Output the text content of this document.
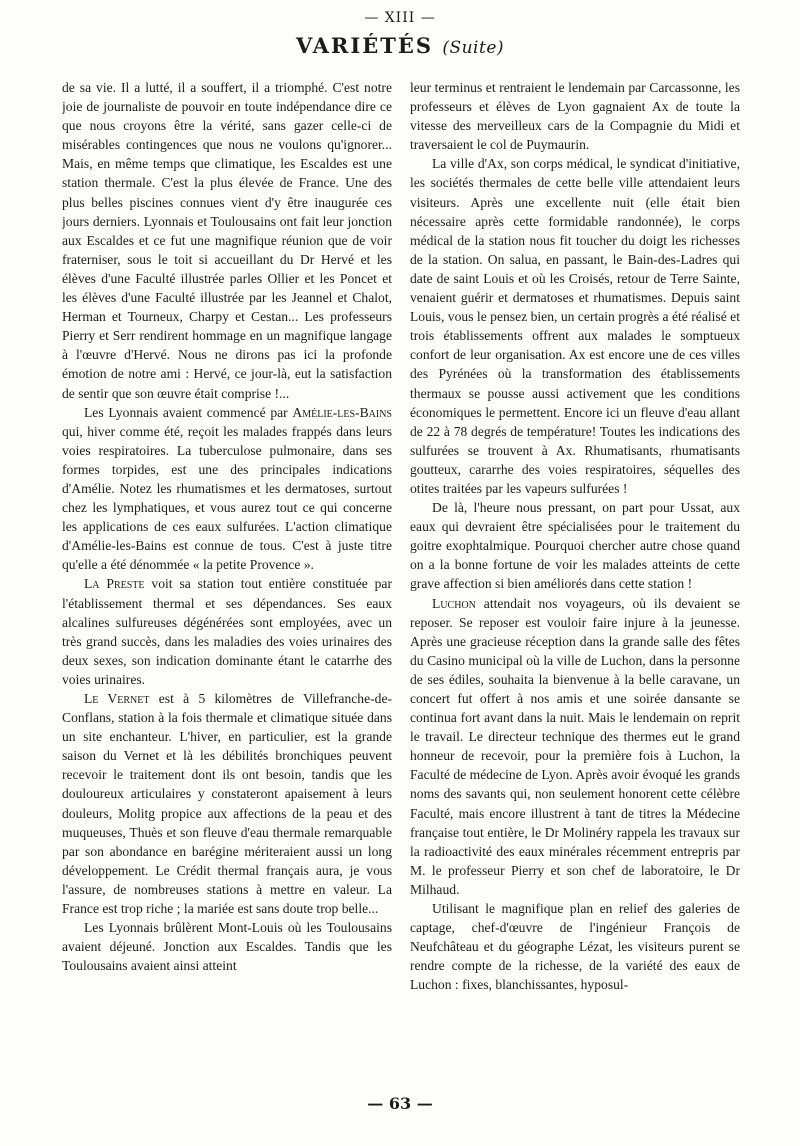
— XIII —
VARIÉTÉS (Suite)

de sa vie. Il a lutté, il a souffert, il a triomphé. C'est notre joie de journaliste de pouvoir en toute indépendance dire ce que nous croyons être la vérité, sans gazer celle-ci de misérables contingences que nous ne voulons qu'ignorer... Mais, en même temps que climatique, les Escaldes est une station thermale. C'est la plus élevée de France. Une des plus belles piscines connues vient d'y être inaugurée ces jours derniers. Lyonnais et Toulousains ont fait leur jonction aux Escaldes et ce fut une magnifique réunion que de voir fraterniser, sous le toit si accueillant du Dr Hervé et les élèves d'une Faculté illustrée parles Ollier et les Poncet et les élèves d'une Faculté illustrée par les Jeannel et Chalot, Herman et Tourneux, Charpy et Cestan... Les professeurs Pierry et Serr rendirent hommage en un magnifique langage à l'œuvre d'Hervé. Nous ne dirons pas ici la profonde émotion de notre ami : Hervé, ce jour-là, eut la satisfaction de sentir que son œuvre était comprise !...

Les Lyonnais avaient commencé par Amélie-les-Bains qui, hiver comme été, reçoit les malades frappés dans leurs voies respiratoires. La tuberculose pulmonaire, dans ses formes torpides, est une des principales indications d'Amélie. Notez les rhumatismes et les dermatoses, surtout chez les lymphatiques, et vous aurez tout ce qui concerne les applications de ces eaux sulfurées. L'action climatique d'Amélie-les-Bains est connue de tous. C'est à juste titre qu'elle a été dénommée « la petite Provence ».

La Preste voit sa station tout entière constituée par l'établissement thermal et ses dépendances. Ses eaux alcalines sulfureuses dégénérées sont employées, avec un très grand succès, dans les maladies des voies urinaires des deux sexes, son indication dominante étant le catarrhe des voies urinaires.

Le Vernet est à 5 kilomètres de Villefranche-de-Conflans, station à la fois thermale et climatique située dans un site enchanteur. L'hiver, en particulier, est la grande saison du Vernet et là les débilités bronchiques peuvent recevoir le traitement dont ils ont besoin, tandis que les douloureux articulaires y constateront apaisement à leurs douleurs, Molitg propice aux affections de la peau et des muqueuses, Thuès et son fleuve d'eau thermale remarquable par son abondance en barégine mériteraient aussi un long développement. Le Crédit thermal français aura, je vous l'assure, de nombreuses stations à mettre en valeur. La France est trop riche ; la mariée est sans doute trop belle...

Les Lyonnais brûlèrent Mont-Louis où les Toulousains avaient déjeuné. Jonction aux Escaldes. Tandis que les Toulousains avaient ainsi atteint

leur terminus et rentraient le lendemain par Carcassonne, les professeurs et élèves de Lyon gagnaient Ax de toute la vitesse des merveilleux cars de la Compagnie du Midi et traversaient le col de Puymaurin.

La ville d'Ax, son corps médical, le syndicat d'initiative, les sociétés thermales de cette belle ville attendaient leurs visiteurs. Après une excellente nuit (elle était bien nécessaire après cette formidable randonnée), le corps médical de la station nous fit toucher du doigt les richesses de la station. On salua, en passant, le Bain-des-Ladres qui date de saint Louis et où les Croisés, retour de Terre Sainte, venaient guérir et dermatoses et rhumatismes. Depuis saint Louis, vous le pensez bien, un certain progrès a été réalisé et trois établissements offrent aux malades le somptueux confort de leur organisation. Ax est encore une de ces villes des Pyrénées où la transformation des établissements thermaux se pousse aussi activement que les conditions économiques le permettent. Encore ici un fleuve d'eau allant de 22 à 78 degrés de température! Toutes les indications des sulfurées se trouvent à Ax. Rhumatisants, rhumatisants goutteux, cararrhe des voies respiratoires, séquelles des otites traitées par les vapeurs sulfurées !

De là, l'heure nous pressant, on part pour Ussat, aux eaux qui devraient être spécialisées pour le traitement du goitre exophtalmique. Pourquoi chercher autre chose quand on a la bonne fortune de voir les malades atteints de cette grave affection si bien améliorés dans cette station !

Luchon attendait nos voyageurs, où ils devaient se reposer. Se reposer est vouloir faire injure à la jeunesse. Après une gracieuse réception dans la grande salle des fêtes du Casino municipal où la ville de Luchon, dans la personne de ses édiles, souhaita la bienvenue à la belle caravane, un concert fut offert à nos amis et une soirée dansante se continua fort avant dans la nuit. Mais le lendemain on reprit le travail. Le directeur technique des thermes eut le grand honneur de recevoir, pour la première fois à Luchon, la Faculté de médecine de Lyon. Après avoir évoqué les grands noms des savants qui, non seulement honorent cette célèbre Faculté, mais encore illustrent à tant de titres la Médecine française tout entière, le Dr Molinéry rappela les travaux sur la radioactivité des eaux minérales récemment entrepris par M. le professeur Pierry et son chef de laboratoire, le Dr Milhaud.

Utilisant le magnifique plan en relief des galeries de captage, chef-d'œuvre de l'ingénieur François de Neufchâteau et du géographe Lézat, les visiteurs purent se rendre compte de la richesse, de la variété des eaux de Luchon : fixes, blanchissantes, hyposul-

— 63 —
